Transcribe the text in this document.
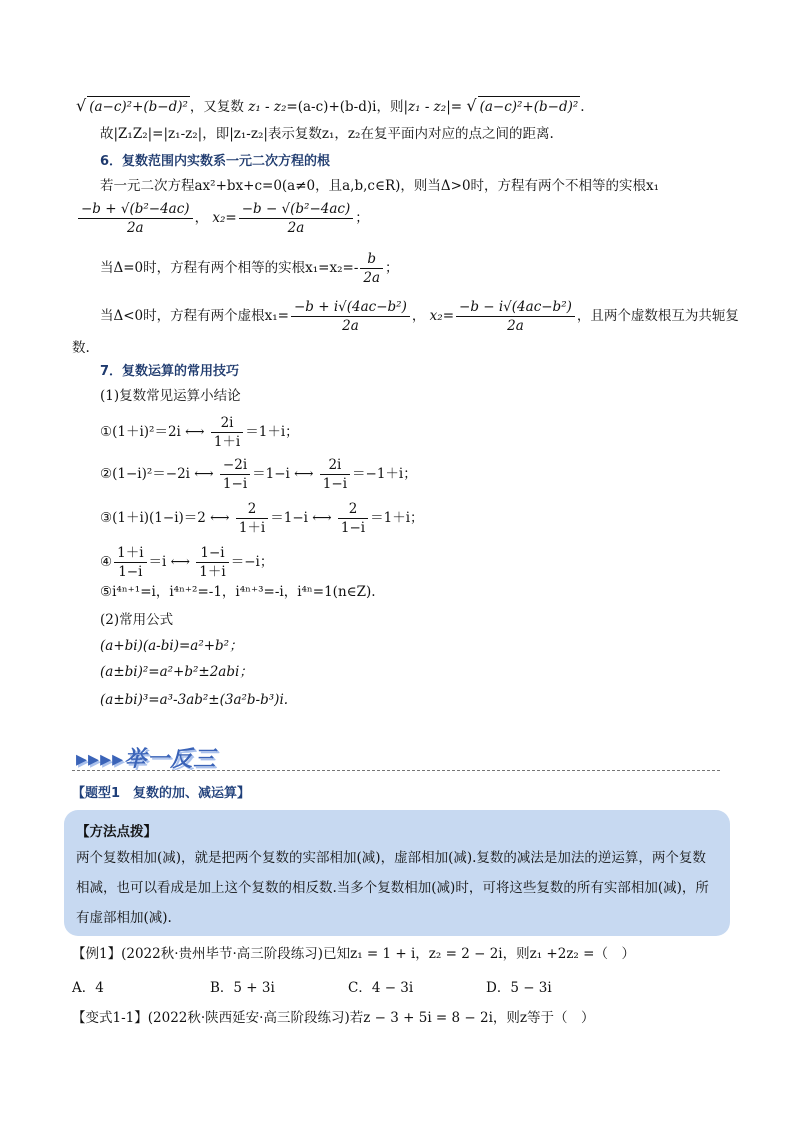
√ (a−c)²+(b−d)² ，又复数 z₁ - z₂=(a-c)+(b-d)i，则|z₁ - z₂|= √ (a−c)²+(b−d)² .
故|Z₁Z₂|=|z₁-z₂|，即|z₁-z₂|表示复数z₁，z₂在复平面内对应的点之间的距离.
6．复数范围内实数系一元二次方程的根
若一元二次方程ax²+bx+c=0(a≠0，且a,b,c∈R)，则当Δ>0时，方程有两个不相等的实根x₁
$\frac{\text{−b + √(b²−4ac)}}{2a}$ ， $x_2= \frac{\text{−b − √(b²−4ac)}}{2a}$ ；
当Δ=0时，方程有两个相等的实根$x_1=x_2=- \frac{b}{2a}$ ；
当Δ<0时，方程有两个虚根$x_1= \frac{\text{−b + i√(4ac−b²)}}{2a}$ ， $x_2= \frac{\text{−b − i√(4ac−b²)}}{2a}$ ，且两个虚数根互为共轭复
数.
7．复数运算的常用技巧
(1)复数常见运算小结论
①(1＋i)²＝2i ⟷ $\frac{2i}{1+i} =1+i$；
②(1−i)²＝−2i ⟷ $\frac{-2i}{1-i} =1-i$ ⟷ $\frac{2i}{1-i} =-1+i$；
③(1＋i)(1−i)＝2 ⟷ $\frac{2}{1+i} =1-i$ ⟷ $\frac{2}{1-i} =1+i$；
④ $\frac{1+i}{1-i} =i$ ⟷ $\frac{1-i}{1+i} =-i$；
⑤i⁴ⁿ⁺¹=i，i⁴ⁿ⁺²=-1，i⁴ⁿ⁺³=-i，i⁴ⁿ=1(n∈Z).
(2)常用公式
(a+bi)(a-bi)=a²+b²；
(a±bi)²=a²+b²±2abi；
(a±bi)³=a³-3ab²±(3a²b-b³)i.
▸▸▸▸举一反三
【题型1　复数的加、减运算】
【方法点拨】
两个复数相加(减)，就是把两个复数的实部相加(减)，虚部相加(减).复数的减法是加法的逆运算，两个复数
相减，也可以看成是加上这个复数的相反数.当多个复数相加(减)时，可将这些复数的所有实部相加(减)，所
有虚部相加(减).
【例1】(2022秋·贵州毕节·高三阶段练习)已知z₁ = 1 + i，z₂ = 2 − 2i，则z₁ +2z₂ =（　）
A．4	B．5 + 3i	C．4 − 3i	D．5 − 3i
【变式1-1】(2022秋·陕西延安·高三阶段练习)若z − 3 + 5i = 8 − 2i，则z等于（　）
